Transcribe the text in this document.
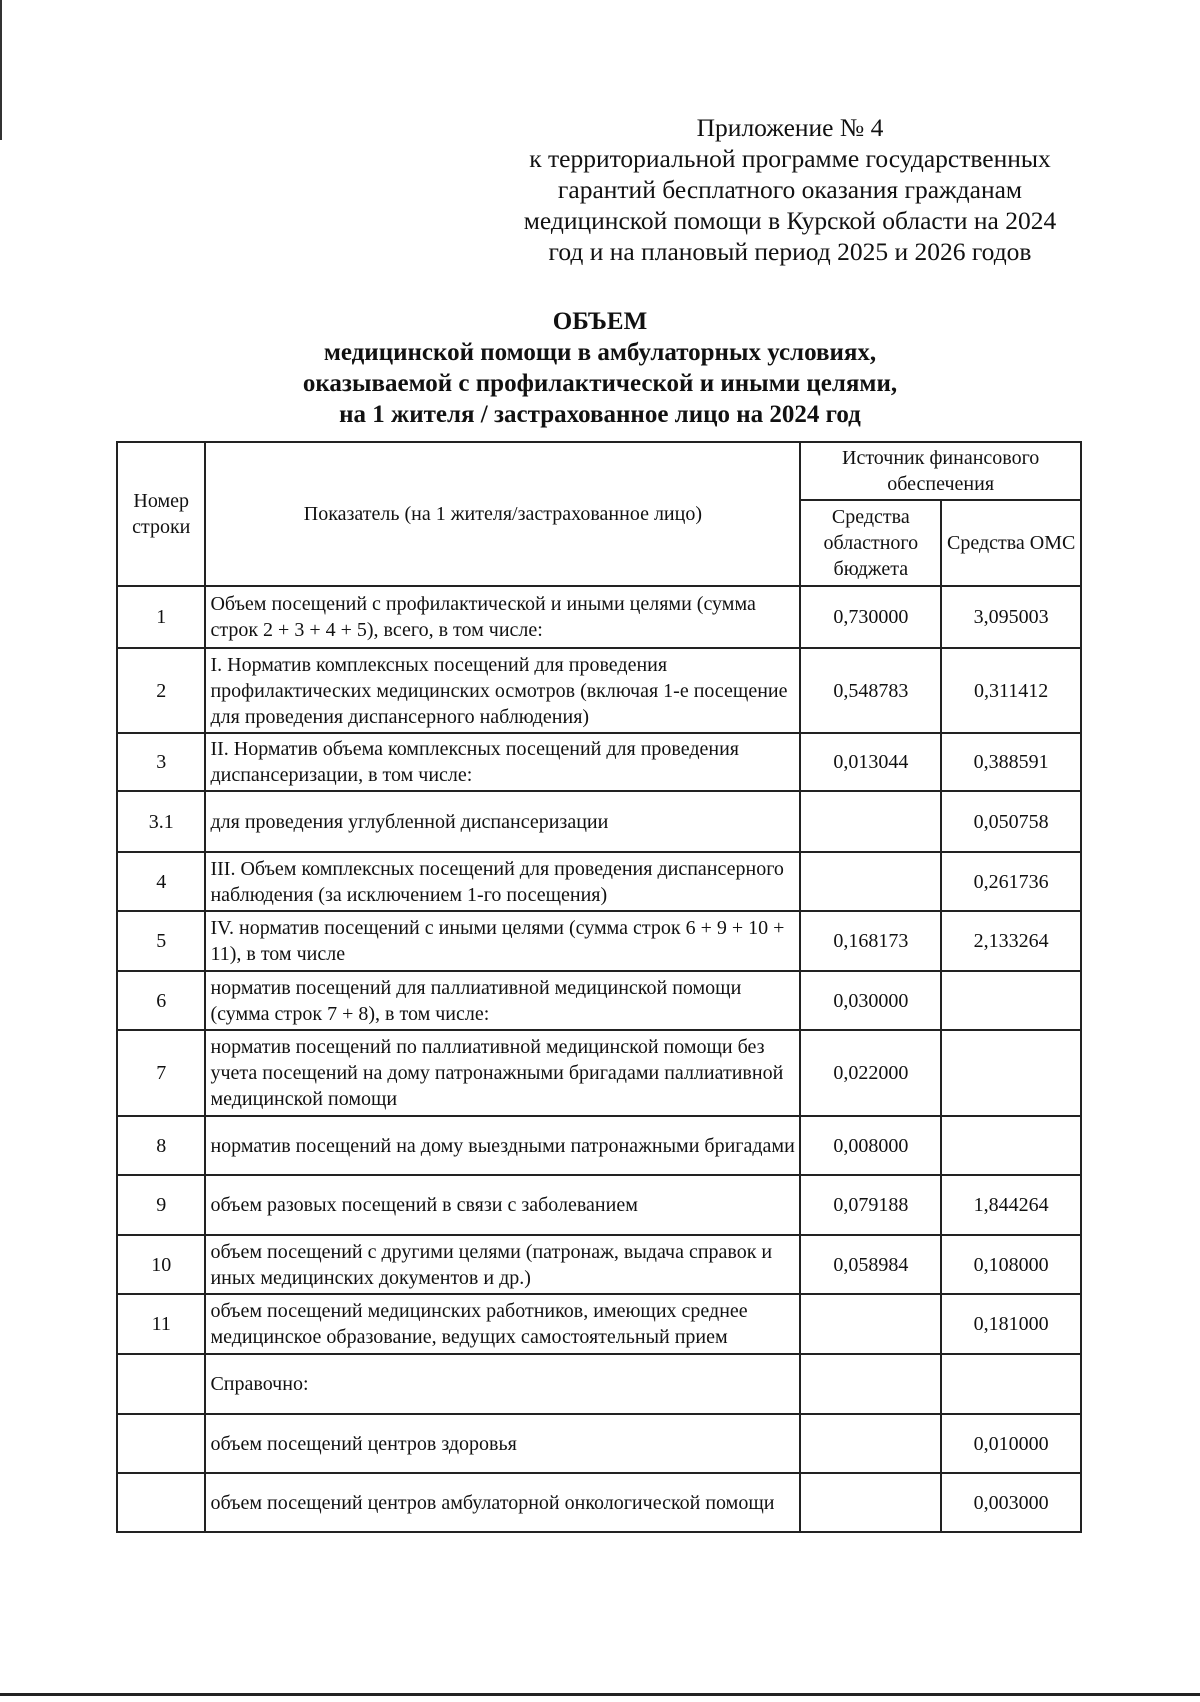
Приложение № 4
к территориальной программе государственных
гарантий бесплатного оказания гражданам
медицинской помощи в Курской области на 2024
год и на плановый период 2025 и 2026 годов
ОБЪЕМ
медицинской помощи в амбулаторных условиях,
оказываемой с профилактической и иными целями,
на 1 жителя / застрахованное лицо на 2024 год
Номер строки	Показатель (на 1 жителя/застрахованное лицо)	Источник финансового обеспечения	
		Средства областного бюджета	Средства ОМС
1	Объем посещений с профилактической и иными целями (сумма строк 2 + 3 + 4 + 5), всего, в том числе:	0,730000	3,095003
2	I. Норматив комплексных посещений для проведения профилактических медицинских осмотров (включая 1-е посещение для проведения диспансерного наблюдения)	0,548783	0,311412
3	II. Норматив объема комплексных посещений для проведения диспансеризации, в том числе:	0,013044	0,388591
3.1	для проведения углубленной диспансеризации		0,050758
4	III. Объем комплексных посещений для проведения диспансерного наблюдения (за исключением 1-го посещения)		0,261736
5	IV. норматив посещений с иными целями (сумма строк 6 + 9 + 10 + 11), в том числе	0,168173	2,133264
6	норматив посещений для паллиативной медицинской помощи (сумма строк 7 + 8), в том числе:	0,030000	
7	норматив посещений по паллиативной медицинской помощи без учета посещений на дому патронажными бригадами паллиативной медицинской помощи	0,022000	
8	норматив посещений на дому выездными патронажными бригадами	0,008000	
9	объем разовых посещений в связи с заболеванием	0,079188	1,844264
10	объем посещений с другими целями (патронаж, выдача справок и иных медицинских документов и др.)	0,058984	0,108000
11	объем посещений медицинских работников, имеющих среднее медицинское образование, ведущих самостоятельный прием		0,181000
	Справочно:		
	объем посещений центров здоровья		0,010000
	объем посещений центров амбулаторной онкологической помощи		0,003000
